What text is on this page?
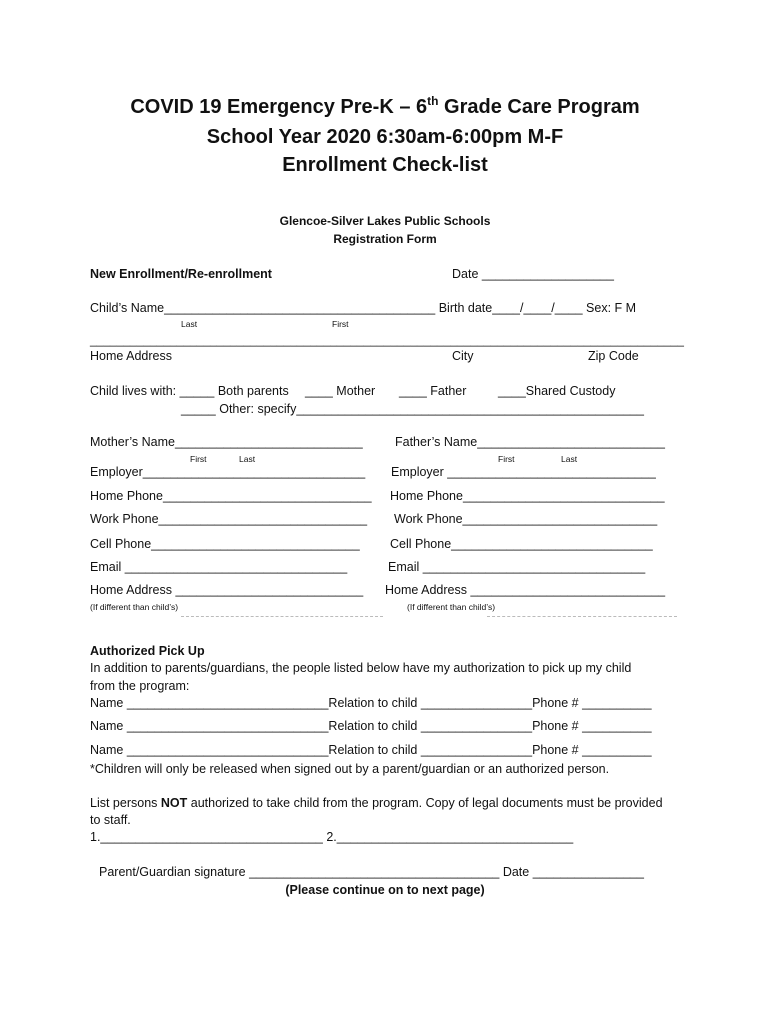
COVID 19 Emergency Pre-K – 6th Grade Care Program
School Year 2020 6:30am-6:00pm M-F
Enrollment Check-list
Glencoe-Silver Lakes Public Schools
Registration Form
New Enrollment/Re-enrollment	Date ___________________
Child’s Name_______________________________________ Birth date____/____/____ Sex: F M
Last	First
_________________________________________________________________________________________
Home Address	City	Zip Code
Child lives with: _____ Both parents ____ Mother ____ Father	____Shared Custody
_____ Other: specify__________________________________________________
Mother’s Name___________________________	Father’s Name___________________________
First	Last	First	Last
Employer________________________________ Employer ______________________________
Home Phone______________________________ Home Phone_____________________________
Work Phone______________________________ Work Phone____________________________
Cell Phone______________________________ Cell Phone_____________________________
Email ________________________________	Email ________________________________
Home Address ___________________________ Home Address ____________________________
(If different than child’s)	(If different than child’s)
Authorized Pick Up
In addition to parents/guardians, the people listed below have my authorization to pick up my child
from the program:
Name _____________________________Relation to child ________________Phone # __________
Name _____________________________Relation to child ________________Phone # __________
Name _____________________________Relation to child ________________Phone # __________
*Children will only be released when signed out by a parent/guardian or an authorized person.
List persons NOT authorized to take child from the program. Copy of legal documents must be provided
to staff.
1.________________________________ 2.__________________________________
Parent/Guardian signature ____________________________________ Date ________________
(Please continue on to next page)
